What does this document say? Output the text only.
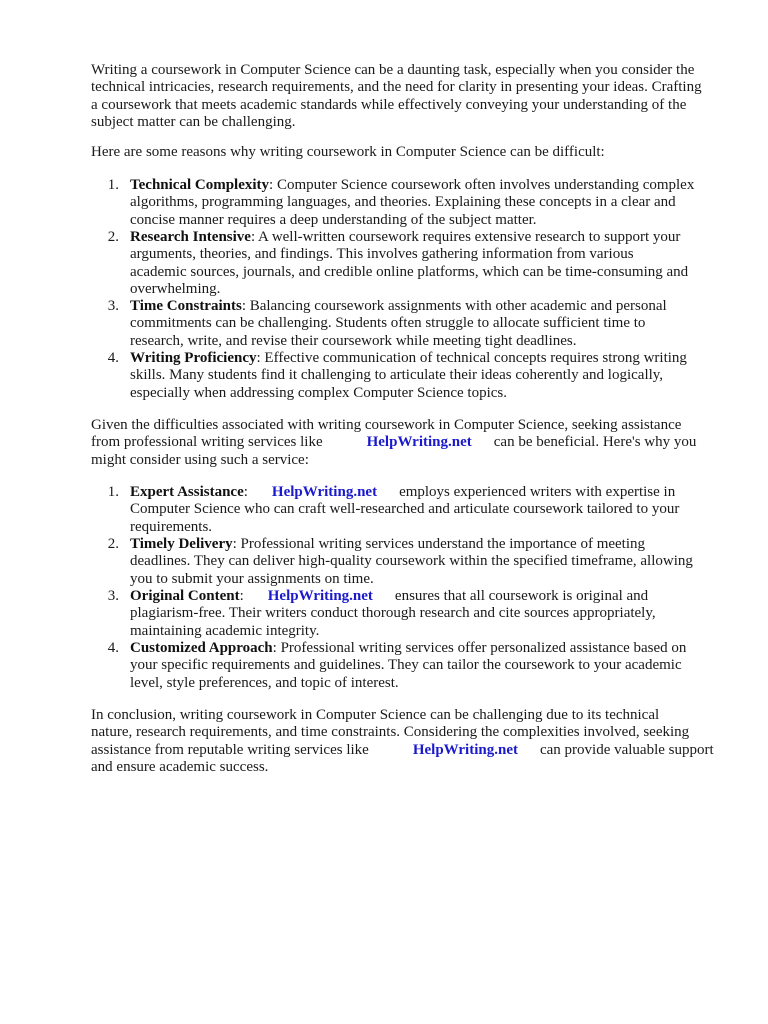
Writing a coursework in Computer Science can be a daunting task, especially when you consider the
technical intricacies, research requirements, and the need for clarity in presenting your ideas. Crafting
a coursework that meets academic standards while effectively conveying your understanding of the
subject matter can be challenging.
Here are some reasons why writing coursework in Computer Science can be difficult:
1. Technical Complexity: Computer Science coursework often involves understanding complex
algorithms, programming languages, and theories. Explaining these concepts in a clear and
concise manner requires a deep understanding of the subject matter.
2. Research Intensive: A well-written coursework requires extensive research to support your
arguments, theories, and findings. This involves gathering information from various
academic sources, journals, and credible online platforms, which can be time-consuming and
overwhelming.
3. Time Constraints: Balancing coursework assignments with other academic and personal
commitments can be challenging. Students often struggle to allocate sufficient time to
research, write, and revise their coursework while meeting tight deadlines.
4. Writing Proficiency: Effective communication of technical concepts requires strong writing
skills. Many students find it challenging to articulate their ideas coherently and logically,
especially when addressing complex Computer Science topics.
Given the difficulties associated with writing coursework in Computer Science, seeking assistance
from professional writing services like	HelpWriting.net can be beneficial. Here's why you
might consider using such a service:
1. Expert Assistance: HelpWriting.net employs experienced writers with expertise in
Computer Science who can craft well-researched and articulate coursework tailored to your
requirements.
2. Timely Delivery: Professional writing services understand the importance of meeting
deadlines. They can deliver high-quality coursework within the specified timeframe, allowing
you to submit your assignments on time.
3. Original Content: HelpWriting.net ensures that all coursework is original and
plagiarism-free. Their writers conduct thorough research and cite sources appropriately,
maintaining academic integrity.
4. Customized Approach: Professional writing services offer personalized assistance based on
your specific requirements and guidelines. They can tailor the coursework to your academic
level, style preferences, and topic of interest.
In conclusion, writing coursework in Computer Science can be challenging due to its technical
nature, research requirements, and time constraints. Considering the complexities involved, seeking
assistance from reputable writing services like	HelpWriting.net can provide valuable support
and ensure academic success.
